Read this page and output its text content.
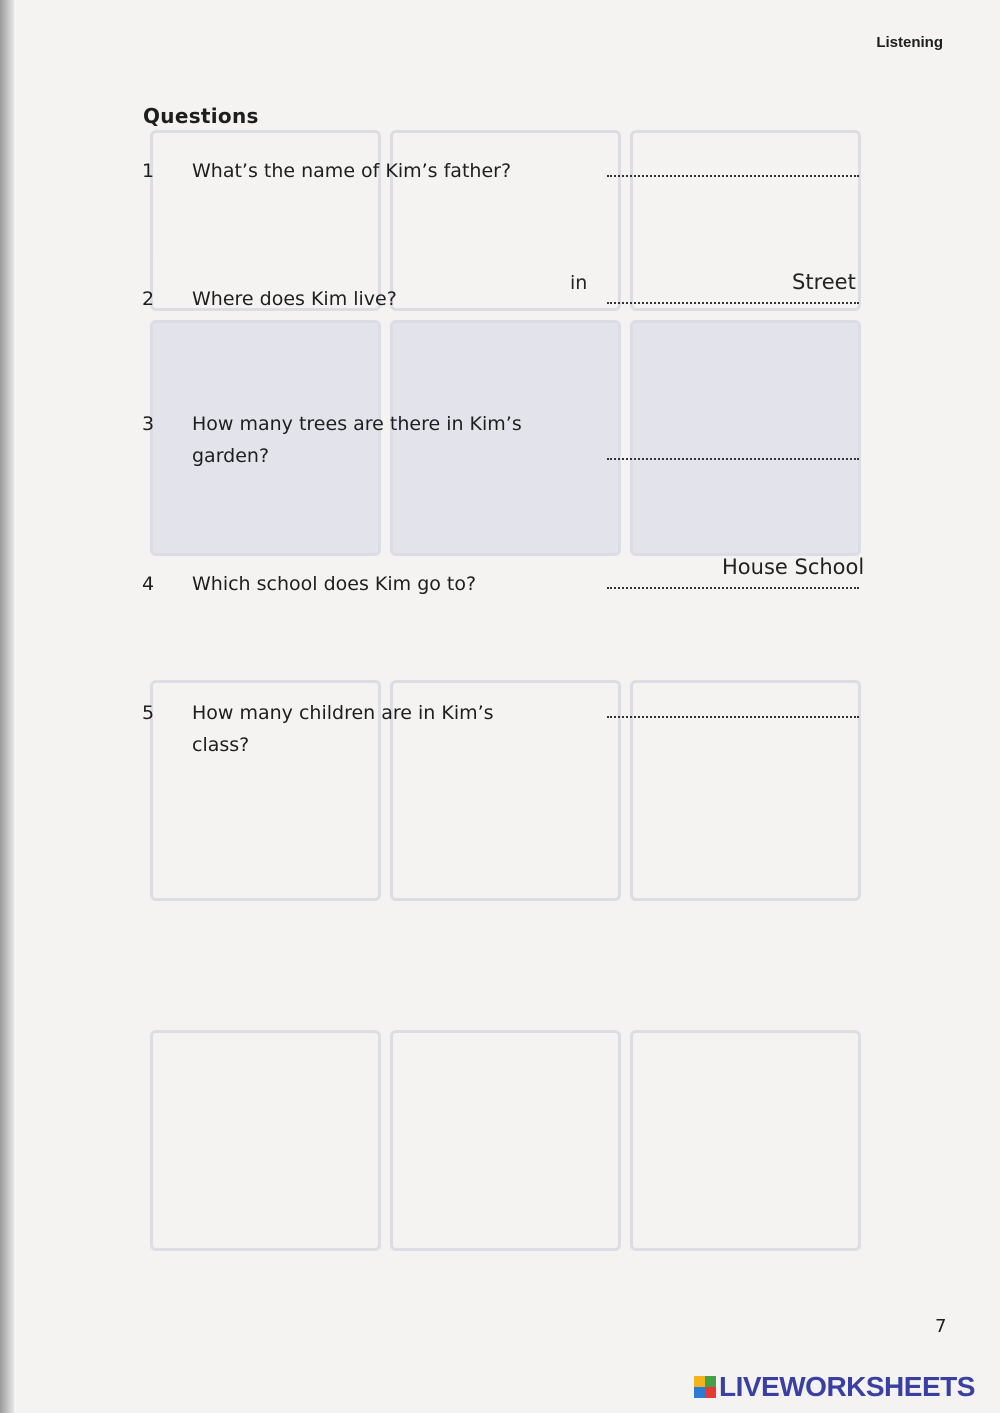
Listening
Questions
1 What’s the name of Kim’s father?
2 Where does Kim live?
in	Street
3 How many trees are there in Kim’s garden?
4 Which school does Kim go to?
House School
5 How many children are in Kim’s class?
7
LIVEWORKSHEETS
